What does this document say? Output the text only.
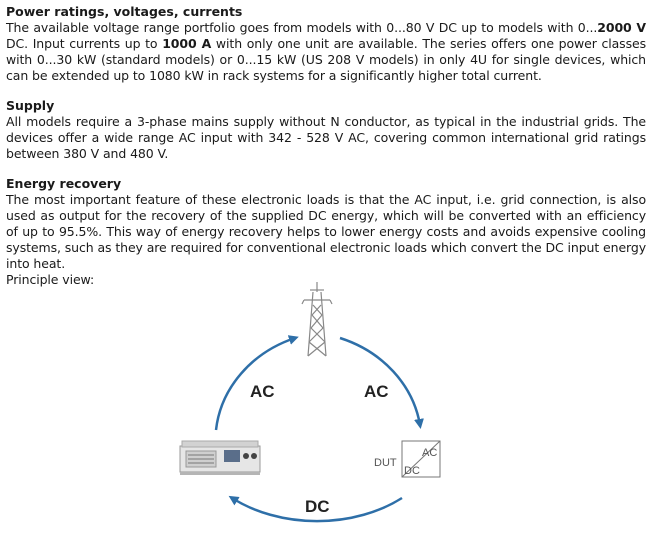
Power ratings, voltages, currents

The available voltage range portfolio goes from models with 0...80 V DC up to models with 0...2000 V DC. Input currents up to 1000 A with only one unit are available. The series offers one power classes with 0...30 kW (standard models) or 0...15 kW (US 208 V models) in only 4U for single devices, which can be extended up to 1080 kW in rack systems for a significantly higher total current.

Supply

All models require a 3-phase mains supply without N conductor, as typical in the industrial grids. The devices offer a wide range AC input with 342 - 528 V AC, covering common international grid ratings between 380 V and 480 V.

Energy recovery

The most important feature of these electronic loads is that the AC input, i.e. grid connection, is also used as output for the recovery of the supplied DC energy, which will be converted with an efficiency of up to 95.5%. This way of energy recovery helps to lower energy costs and avoids expensive cooling systems, such as they are required for conventional electronic loads which convert the DC input energy into heat.

Principle view:

AC	AC
DC
DUT
AC
DC
